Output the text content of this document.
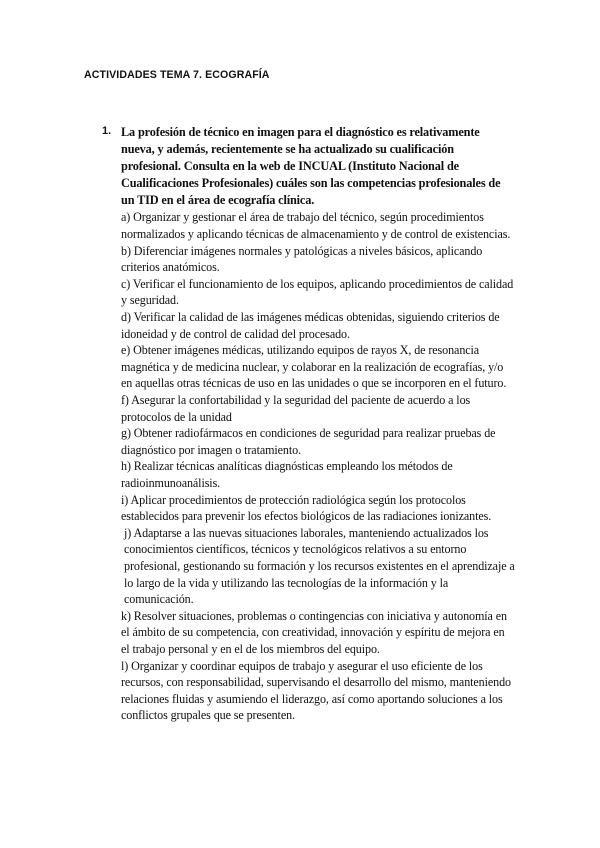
ACTIVIDADES TEMA 7. ECOGRAFÍA
1. La profesión de técnico en imagen para el diagnóstico es relativamente nueva, y además, recientemente se ha actualizado su cualificación profesional. Consulta en la web de INCUAL (Instituto Nacional de Cualificaciones Profesionales) cuáles son las competencias profesionales de un TID en el área de ecografía clínica.

a) Organizar y gestionar el área de trabajo del técnico, según procedimientos normalizados y aplicando técnicas de almacenamiento y de control de existencias.
b) Diferenciar imágenes normales y patológicas a niveles básicos, aplicando criterios anatómicos.
c) Verificar el funcionamiento de los equipos, aplicando procedimientos de calidad y seguridad.
d) Verificar la calidad de las imágenes médicas obtenidas, siguiendo criterios de idoneidad y de control de calidad del procesado.
e) Obtener imágenes médicas, utilizando equipos de rayos X, de resonancia magnética y de medicina nuclear, y colaborar en la realización de ecografías, y/o en aquellas otras técnicas de uso en las unidades o que se incorporen en el futuro.
f) Asegurar la confortabilidad y la seguridad del paciente de acuerdo a los protocolos de la unidad
g) Obtener radiofármacos en condiciones de seguridad para realizar pruebas de diagnóstico por imagen o tratamiento.
h) Realizar técnicas analíticas diagnósticas empleando los métodos de radioinmunoanálisis.
i) Aplicar procedimientos de protección radiológica según los protocolos establecidos para prevenir los efectos biológicos de las radiaciones ionizantes.
j) Adaptarse a las nuevas situaciones laborales, manteniendo actualizados los conocimientos científicos, técnicos y tecnológicos relativos a su entorno profesional, gestionando su formación y los recursos existentes en el aprendizaje a lo largo de la vida y utilizando las tecnologías de la información y la comunicación.
k) Resolver situaciones, problemas o contingencias con iniciativa y autonomía en el ámbito de su competencia, con creatividad, innovación y espíritu de mejora en el trabajo personal y en el de los miembros del equipo.
l) Organizar y coordinar equipos de trabajo y asegurar el uso eficiente de los recursos, con responsabilidad, supervisando el desarrollo del mismo, manteniendo relaciones fluidas y asumiendo el liderazgo, así como aportando soluciones a los conflictos grupales que se presenten.
